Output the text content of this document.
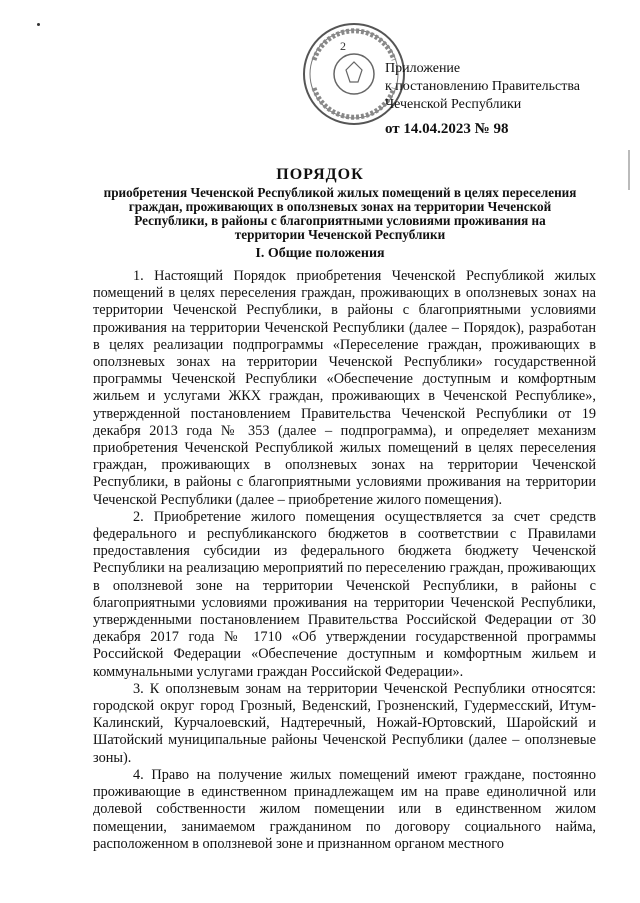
2
Приложение
к постановлению Правительства
Чеченской Республики
от 14.04.2023 № 98
ПОРЯДОК
приобретения Чеченской Республикой жилых помещений в целях переселения граждан, проживающих в оползневых зонах на территории Чеченской Республики, в районы с благоприятными условиями проживания на территории Чеченской Республики
I. Общие положения

1. Настоящий Порядок приобретения Чеченской Республикой жилых помещений в целях переселения граждан, проживающих в оползневых зонах на территории Чеченской Республики, в районы с благоприятными условиями проживания на территории Чеченской Республики (далее – Порядок), разработан в целях реализации подпрограммы «Переселение граждан, проживающих в оползневых зонах на территории Чеченской Республики» государственной программы Чеченской Республики «Обеспечение доступным и комфортным жильем и услугами ЖКХ граждан, проживающих в Чеченской Республике», утвержденной постановлением Правительства Чеченской Республики от 19 декабря 2013 года № 353 (далее – подпрограмма), и определяет механизм приобретения Чеченской Республикой жилых помещений в целях переселения граждан, проживающих в оползневых зонах на территории Чеченской Республики, в районы с благоприятными условиями проживания на территории Чеченской Республики (далее – приобретение жилого помещения).

2. Приобретение жилого помещения осуществляется за счет средств федерального и республиканского бюджетов в соответствии с Правилами предоставления субсидии из федерального бюджета бюджету Чеченской Республики на реализацию мероприятий по переселению граждан, проживающих в оползневой зоне на территории Чеченской Республики, в районы с благоприятными условиями проживания на территории Чеченской Республики, утвержденными постановлением Правительства Российской Федерации от 30 декабря 2017 года № 1710 «Об утверждении государственной программы Российской Федерации «Обеспечение доступным и комфортным жильем и коммунальными услугами граждан Российской Федерации».

3. К оползневым зонам на территории Чеченской Республики относятся: городской округ город Грозный, Веденский, Грозненский, Гудермесский, Итум-Калинский, Курчалоевский, Надтеречный, Ножай-Юртовский, Шаройский и Шатойский муниципальные районы Чеченской Республики (далее – оползневые зоны).

4. Право на получение жилых помещений имеют граждане, постоянно проживающие в единственном принадлежащем им на праве единоличной или долевой собственности жилом помещении или в единственном жилом помещении, занимаемом гражданином по договору социального найма, расположенном в оползневой зоне и признанном органом местного
